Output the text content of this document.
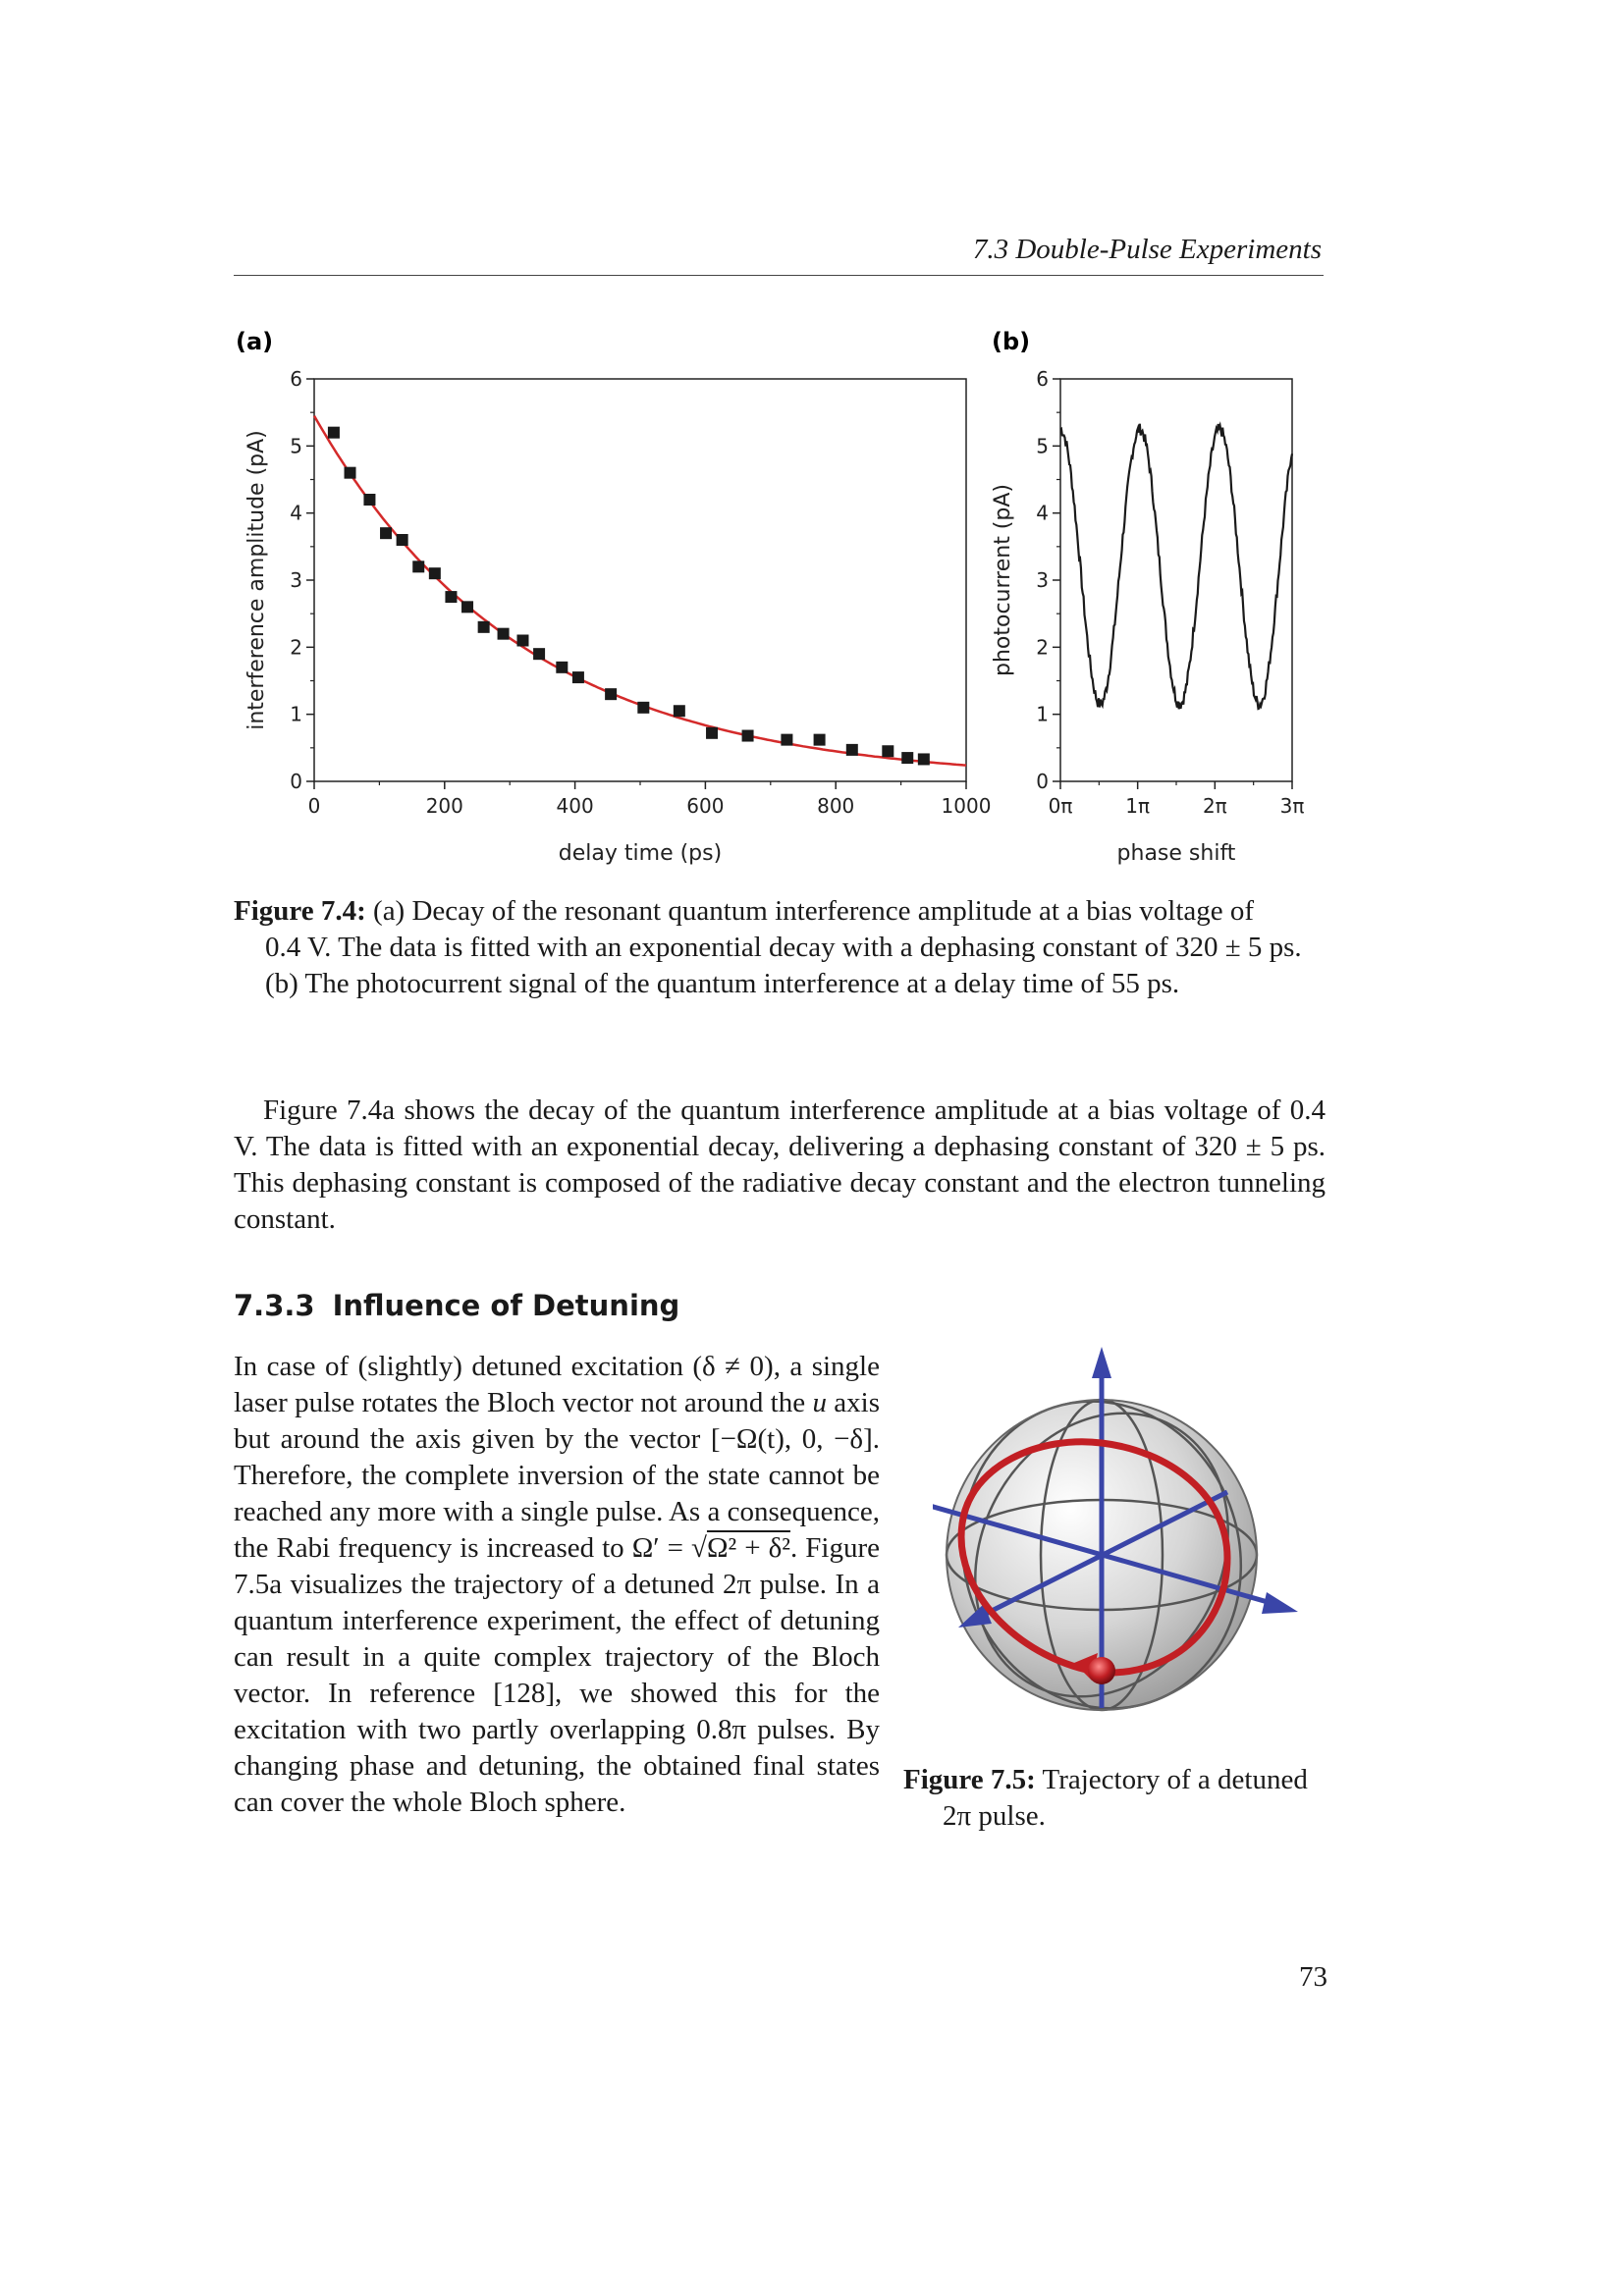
7.3 Double-Pulse Experiments
(a)	(b)
0
1
2
3
4
5
6
0	200	400	600	800	1000
delay time (ps)
interference amplitude (pA)
0
1
2
3
4
5
6
0π	1π	2π	3π
phase shift
photocurrent (pA)
Figure 7.4: (a) Decay of the resonant quantum interference amplitude at a bias voltage of
0.4 V. The data is fitted with an exponential decay with a dephasing constant of 320 ± 5 ps.
(b) The photocurrent signal of the quantum interference at a delay time of 55 ps.
Figure 7.4a shows the decay of the quantum interference amplitude at a bias voltage of 0.4 V. The data is fitted with an exponential decay, delivering a dephasing constant of 320 ± 5 ps. This dephasing constant is composed of the radiative decay constant and the electron tunneling constant.
7.3.3 Influence of Detuning
In case of (slightly) detuned excitation (δ ≠ 0), a single laser pulse rotates the Bloch vector not around the u axis but around the axis given by the vector [−Ω(t), 0, −δ]. Therefore, the complete inversion of the state cannot be reached any more with a single pulse. As a consequence, the Rabi frequency is increased to Ω′ = √Ω² + δ². Figure 7.5a visualizes the trajectory of a detuned 2π pulse. In a quantum interference experiment, the effect of detuning can result in a quite complex trajectory of the Bloch vector. In reference [128], we showed this for the excitation with two partly overlapping 0.8π pulses. By changing phase and detuning, the obtained final states can cover the whole Bloch sphere.
Figure 7.5: Trajectory of a detuned
2π pulse.
73
